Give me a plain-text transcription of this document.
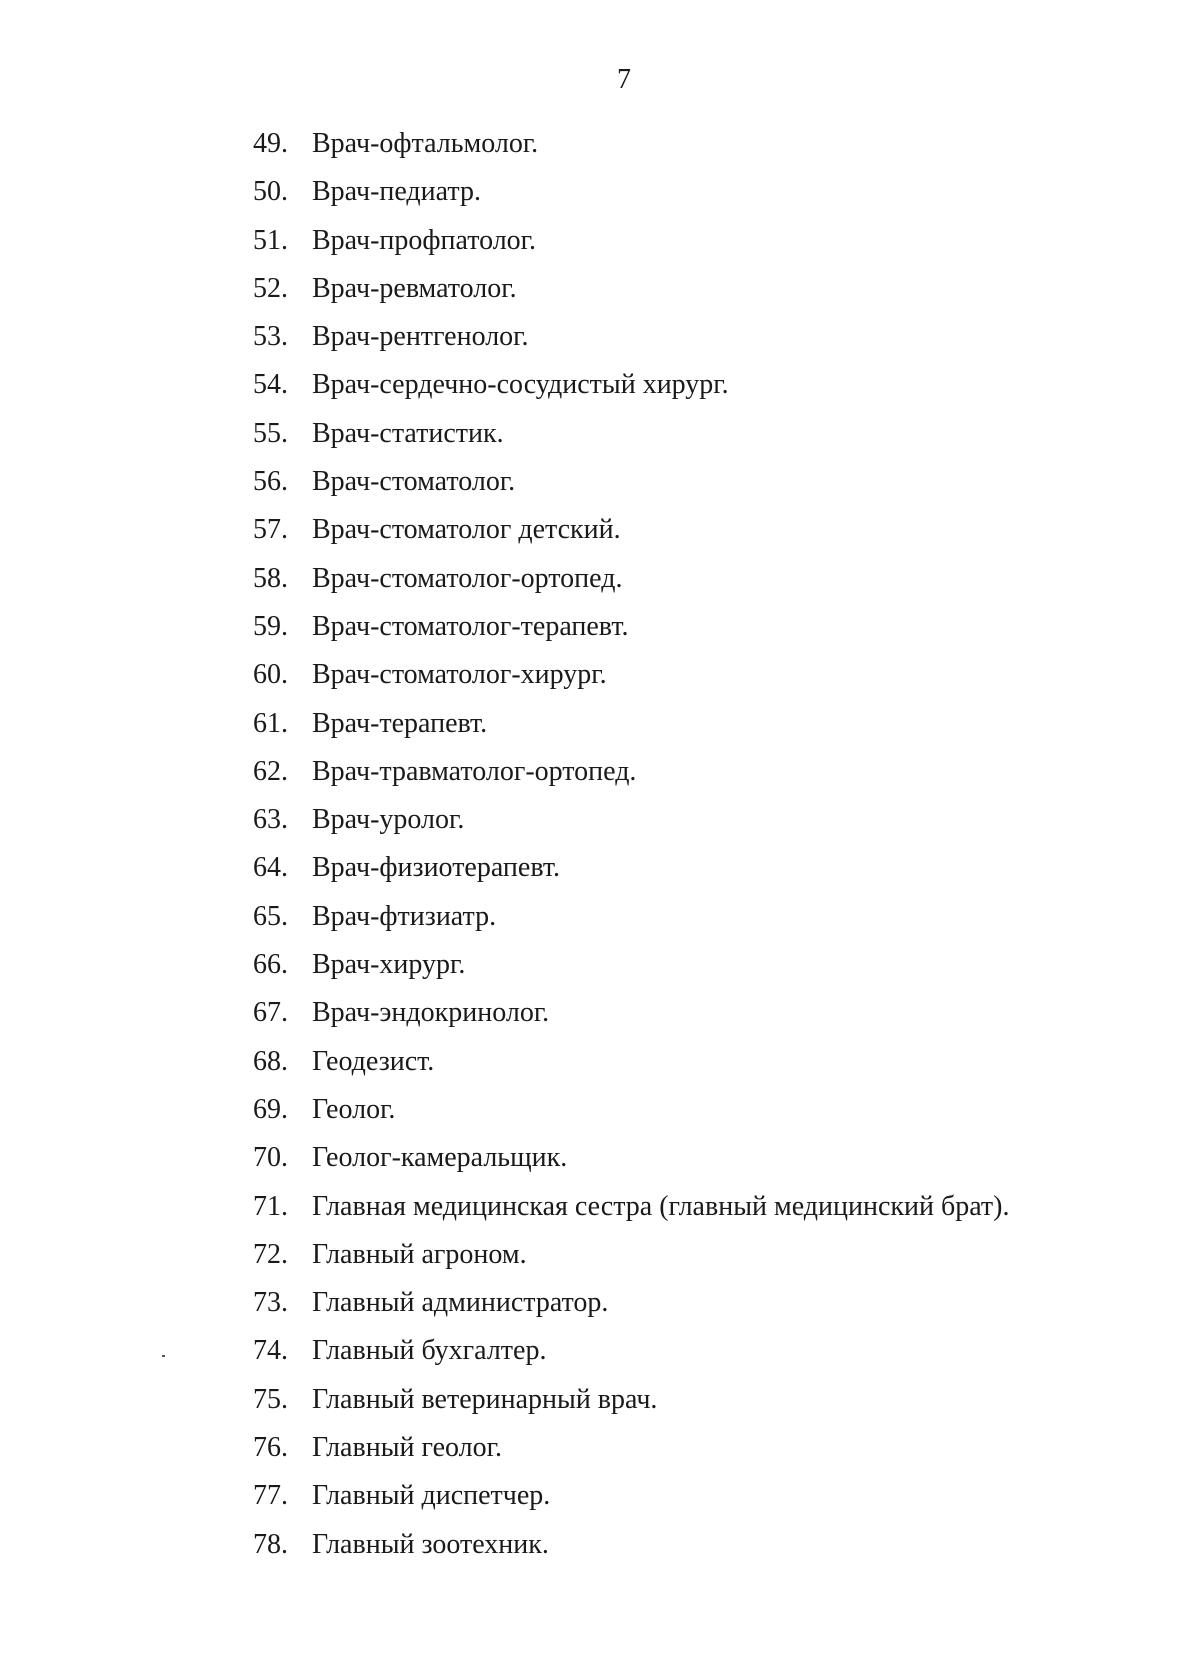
7
49. Врач-офтальмолог.
50. Врач-педиатр.
51. Врач-профпатолог.
52. Врач-ревматолог.
53. Врач-рентгенолог.
54. Врач-сердечно-сосудистый хирург.
55. Врач-статистик.
56. Врач-стоматолог.
57. Врач-стоматолог детский.
58. Врач-стоматолог-ортопед.
59. Врач-стоматолог-терапевт.
60. Врач-стоматолог-хирург.
61. Врач-терапевт.
62. Врач-травматолог-ортопед.
63. Врач-уролог.
64. Врач-физиотерапевт.
65. Врач-фтизиатр.
66. Врач-хирург.
67. Врач-эндокринолог.
68. Геодезист.
69. Геолог.
70. Геолог-камеральщик.
71. Главная медицинская сестра (главный медицинский брат).
72. Главный агроном.
73. Главный администратор.
74. Главный бухгалтер.
75. Главный ветеринарный врач.
76. Главный геолог.
77. Главный диспетчер.
78. Главный зоотехник.
